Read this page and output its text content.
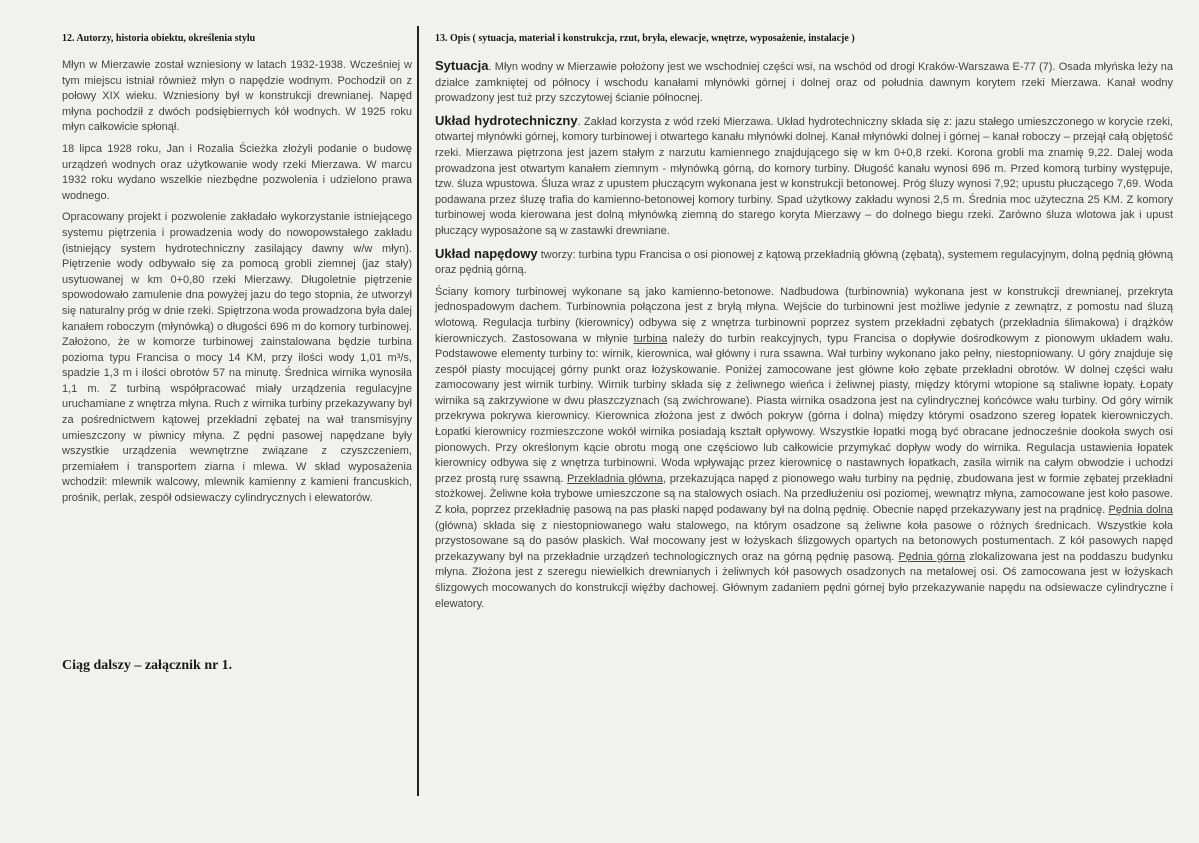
12. Autorzy, historia obiektu, określenia stylu

Młyn w Mierzawie został wzniesiony w latach 1932-1938. Wcześniej w tym miejscu istniał również młyn o napędzie wodnym. Pochodził on z połowy XIX wieku. Wzniesiony był w konstrukcji drewnianej. Napęd młyna pochodził z dwóch podsiębiernych kół wodnych. W 1925 roku młyn całkowicie spłonął.

18 lipca 1928 roku, Jan i Rozalia Ścieżka złożyli podanie o budowę urządzeń wodnych oraz użytkowanie wody rzeki Mierzawa. W marcu 1932 roku wydano wszelkie niezbędne pozwolenia i udzielono prawa wodnego.

Opracowany projekt i pozwolenie zakładało wykorzystanie istniejącego systemu piętrzenia i prowadzenia wody do nowopowstałego zakładu (istniejący system hydrotechniczny zasilający dawny w/w młyn). Piętrzenie wody odbywało się za pomocą grobli ziemnej (jaz stały) usytuowanej w km 0+0,80 rzeki Mierzawy. Długoletnie piętrzenie spowodowało zamulenie dna powyżej jazu do tego stopnia, że utworzył się naturalny próg w dnie rzeki. Spiętrzona woda prowadzona była dalej kanałem roboczym (młynówką) o długości 696 m do komory turbinowej. Założono, że w komorze turbinowej zainstalowana będzie turbina pozioma typu Francisa o mocy 14 KM, przy ilości wody 1,01 m³/s, spadzie 1,3 m i ilości obrotów 57 na minutę. Średnica wirnika wynosiła 1,1 m. Z turbiną współpracować miały urządzenia regulacyjne uruchamiane z wnętrza młyna. Ruch z wirnika turbiny przekazywany był za pośrednictwem kątowej przekładni zębatej na wał transmisyjny umieszczony w piwnicy młyna. Z pędni pasowej napędzane były wszystkie urządzenia wewnętrzne związane z czyszczeniem, przemiałem i transportem ziarna i mlewa. W skład wyposażenia wchodził: mlewnik walcowy, mlewnik kamienny z kamieni francuskich, prośnik, perlak, zespół odsiewaczy cylindrycznych i elewatorów.

Ciąg dalszy – załącznik nr 1.
13. Opis ( sytuacja, materiał i konstrukcja, rzut, bryła, elewacje, wnętrze, wyposażenie, instalacje )

Sytuacja. Młyn wodny w Mierzawie położony jest we wschodniej części wsi, na wschód od drogi Kraków-Warszawa E-77 (7). Osada młyńska leży na działce zamkniętej od północy i wschodu kanałami młynówki górnej i dolnej oraz od południa dawnym korytem rzeki Mierzawa. Kanał wodny prowadzony jest tuż przy szczytowej ścianie północnej.

Układ hydrotechniczny. Zakład korzysta z wód rzeki Mierzawa. Układ hydrotechniczny składa się z: jazu stałego umieszczonego w korycie rzeki, otwartej młynówki górnej, komory turbinowej i otwartego kanału młynówki dolnej. Kanał młynówki dolnej i górnej – kanał roboczy – przejął całą objętość rzeki. Mierzawa piętrzona jest jazem stałym z narzutu kamiennego znajdującego się w km 0+0,8 rzeki. Korona grobli ma znamię 9,22. Dalej woda prowadzona jest otwartym kanałem ziemnym - młynówką górną, do komory turbiny. Długość kanału wynosi 696 m. Przed komorą turbiny występuje, tzw. śluza wpustowa. Śluza wraz z upustem płuczącym wykonana jest w konstrukcji betonowej. Próg śluzy wynosi 7,92; upustu płuczącego 7,69. Woda podawana przez śluzę trafia do kamienno-betonowej komory turbiny. Spad użytkowy zakładu wynosi 2,5 m. Średnia moc użyteczna 25 KM. Z komory turbinowej woda kierowana jest dolną młynówką ziemną do starego koryta Mierzawy – do dolnego biegu rzeki. Zarówno śluza wlotowa jak i upust płuczący wyposażone są w zastawki drewniane.

Układ napędowy tworzy: turbina typu Francisa o osi pionowej z kątową przekładnią główną (zębatą), systemem regulacyjnym, dolną pędnią główną oraz pędnią górną.

Ściany komory turbinowej wykonane są jako kamienno-betonowe. Nadbudowa (turbinownia) wykonana jest w konstrukcji drewnianej, przekryta jednospadowym dachem. Turbinownia połączona jest z bryłą młyna. Wejście do turbinowni jest możliwe jedynie z zewnątrz, z pomostu nad śluzą wlotową. Regulacja turbiny (kierownicy) odbywa się z wnętrza turbinowni poprzez system przekładni zębatych (przekładnia ślimakowa) i drążków kierowniczych. Zastosowana w młynie turbina należy do turbin reakcyjnych, typu Francisa o dopływie dośrodkowym z pionowym układem wału. Podstawowe elementy turbiny to: wirnik, kierownica, wał główny i rura ssawna. Wał turbiny wykonano jako pełny, niestopniowany. U góry znajduje się zespół piasty mocującej górny punkt oraz łożyskowanie. Poniżej zamocowane jest główne koło zębate przekładni obrotów. W dolnej części wału zamocowany jest wirnik turbiny. Wirnik turbiny składa się z żeliwnego wieńca i żeliwnej piasty, między którymi wtopione są staliwne łopaty. Łopaty wirnika są zakrzywione w dwu płaszczyznach (są zwichrowane). Piasta wirnika osadzona jest na cylindrycznej końcówce wału turbiny. Od góry wirnik przekrywa pokrywa kierownicy. Kierownica złożona jest z dwóch pokryw (górna i dolna) między którymi osadzono szereg łopatek kierowniczych. Łopatki kierownicy rozmieszczone wokół wirnika posiadają kształt opływowy. Wszystkie łopatki mogą być obracane jednocześnie dookoła swych osi pionowych. Przy określonym kącie obrotu mogą one częściowo lub całkowicie przymykać dopływ wody do wirnika. Regulacja ustawienia łopatek kierownicy odbywa się z wnętrza turbinowni. Woda wpływając przez kierownicę o nastawnych łopatkach, zasila wirnik na całym obwodzie i uchodzi przez prostą rurę ssawną. Przekładnia główna, przekazująca napęd z pionowego wału turbiny na pędnię, zbudowana jest w formie zębatej przekładni stożkowej. Żeliwne koła trybowe umieszczone są na stalowych osiach. Na przedłużeniu osi poziomej, wewnątrz młyna, zamocowane jest koło pasowe. Z koła, poprzez przekładnię pasową na pas płaski napęd podawany był na dolną pędnię. Obecnie napęd przekazywany jest na prądnicę. Pędnia dolna (główna) składa się z niestopniowanego wału stalowego, na którym osadzone są żeliwne koła pasowe o różnych średnicach. Wszystkie koła przystosowane są do pasów płaskich. Wał mocowany jest w łożyskach ślizgowych opartych na betonowych postumentach. Z kół pasowych napęd przekazywany był na przekładnie urządzeń technologicznych oraz na górną pędnię pasową. Pędnia górna zlokalizowana jest na poddaszu budynku młyna. Złożona jest z szeregu niewielkich drewnianych i żeliwnych kół pasowych osadzonych na metalowej osi. Oś zamocowana jest w łożyskach ślizgowych mocowanych do konstrukcji więźby dachowej. Głównym zadaniem pędni górnej było przekazywanie napędu na odsiewacze cylindryczne i elewatory.
